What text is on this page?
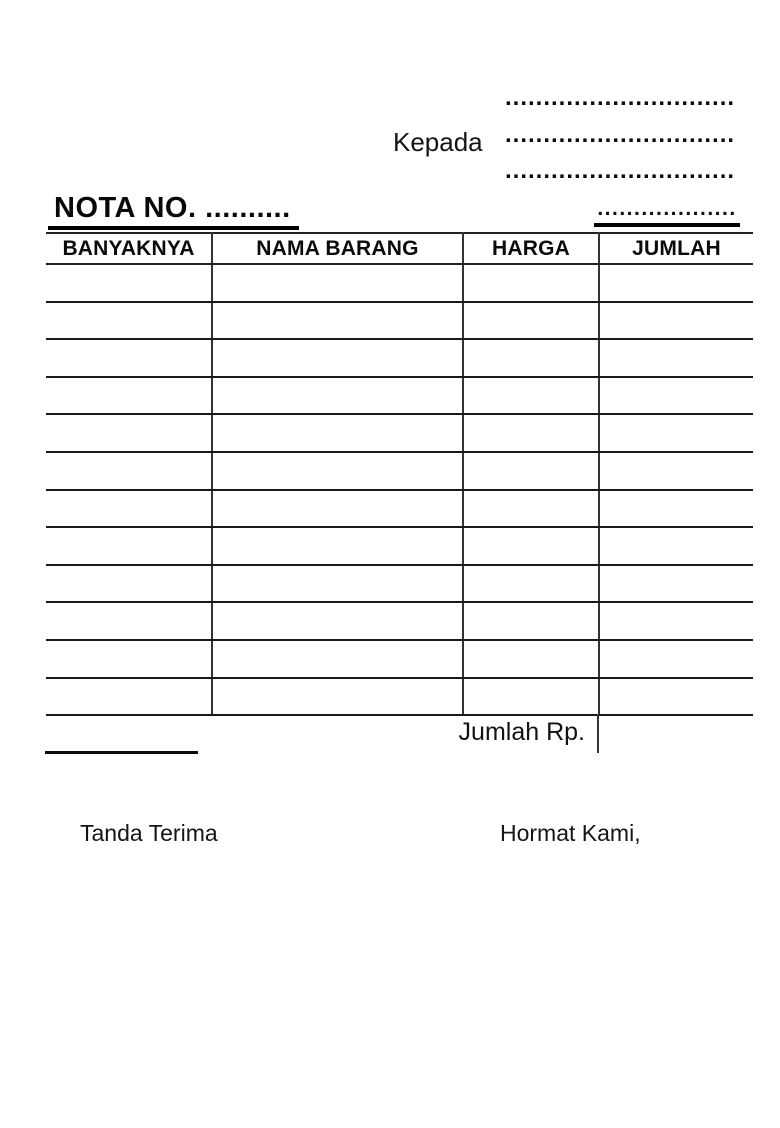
Kepada
..............................
..............................
..............................
NOTA NO. ..........	...................
BANYAKNYA	NAMA BARANG	HARGA	JUMLAH

Jumlah Rp.
Tanda Terima	Hormat Kami,
